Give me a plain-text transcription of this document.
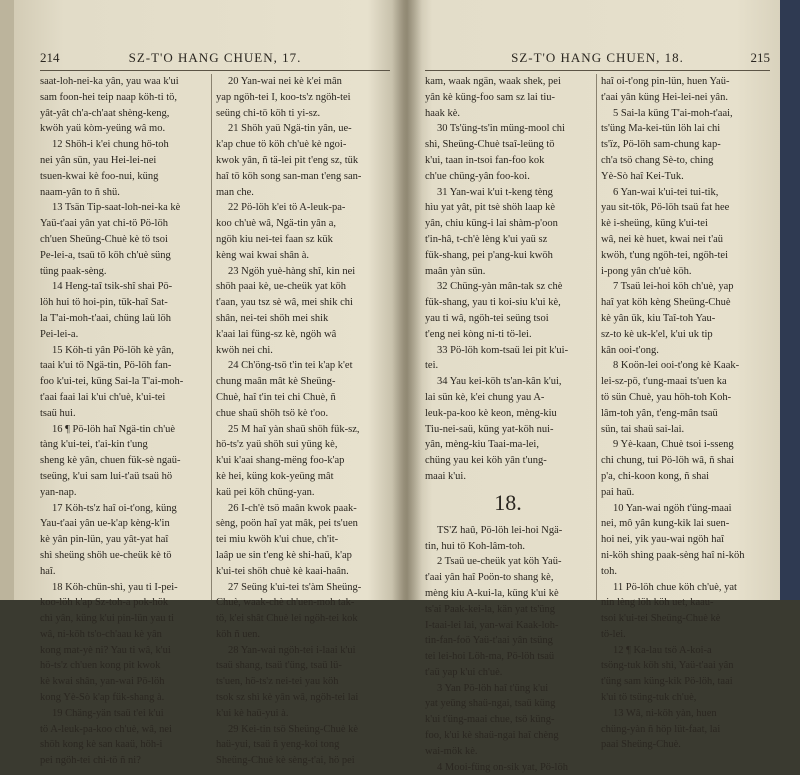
214	SZ-T'O HANG CHUEN, 17.
saat-loh-nei-ka yân, yau waa k'ui
sam foon-hei teip naap köh-ti tö,
yât-yât ch'a-ch'aat shèng-keng,
kwöh yaü kòm-yeüng wâ mo.
12 Shöh-i k'ei chung hö-toh
nei yân sün, yau Hei-lei-nei
tsuen-kwai kè foo-nui, küng
naam-yân to ñ shü.
13 Tsän Tip-saat-loh-nei-ka kè
Yaü-t'aai yân yat chi-tö Pö-löh
ch'uen Sheüng-Chuè kè tö tsoi
Pe-lei-a, tsaü tö köh ch'uè süng
tüng paak-sèng.
14 Heng-taî tsik-shî shaì Pö-
löh hui tö hoi-pin, tük-haî Sat-
la T'ai-moh-t'aai, chüng laü löh
Pei-lei-a.
15 Köh-ti yân Pö-löh kè yân,
taai k'ui tö Ngä-tin, Pö-löh fan-
foo k'ui-tei, küng Sai-la T'ai-moh-
t'aai faai lai k'ui ch'uè, k'ui-tei
tsaü hui.
16 ¶ Pö-löh haî Ngä-tin ch'uè
tàng k'ui-tei, t'ai-kin t'ung
sheng kè yân, chuen fük-sè ngaü-
tseüng, k'ui sam lui-t'aü tsaü hö
yan-nap.
17 Köh-ts'z haî oi-t'ong, küng
Yau-t'aai yân ue-k'ap kèng-k'in
kè yân pin-lün, yau yât-yat haî
shì sheüng shöh ue-cheük kè tö
haî.
18 Köh-chün-shì, yau ti I-pei-
koo-löh k'ap Sz-toh-a pok-hök
chì yân, küng k'ui pin-lün yau ti
wâ, ni-köh ts'o-ch'aau kè yân
kong mat-yè ni? Yau ti wâ, k'ui
hö-ts'z ch'uen kong pit kwok
kè kwai shân, yan-wai Pö-löh
kong Yè-Sò k'ap fük-shang à.
19 Chäng-yän tsaü t'ei k'ui
tö A-leuk-pa-koo ch'uè, wâ, nei
shöh kong kè san kaaü, höh-i
pei ngöh-tei chi-tö ñ ni?
20 Yan-wai nei kè k'ei mân
yap ngöh-tei I, koo-ts'z ngöh-tei
seüng chi-tö köh ti yi-sz.
21 Shöh yaü Ngä-tin yân, ue-
k'ap chue tö köh ch'uè kè ngoi-
kwok yân, ñ tä-lei pit t'eng sz, tük
haî tö köh song san-man t'eng san-
man che.
22 Pö-löh k'ei tö A-leuk-pa-
koo ch'uè wâ, Ngä-tin yân a,
ngöh kiu nei-tei faan sz kük
kèng wai kwai shân à.
23 Ngöh yuè-hàng shî, kin nei
shöh paai kè, ue-cheük yat köh
t'aan, yau tsz sè wâ, mei shik chi
shân, nei-tei shöh mei shik
k'aai lai füng-sz kè, ngöh wâ
kwöh nei chi.
24 Ch'öng-tsö t'in tei k'ap k'et
chung maân mât kè Sheüng-
Chuè, haî t'in tei chi Chuè, ñ
chue shaü shöh tsö kè t'oo.
25 M haî yàn shaü shöh fük-sz,
hö-ts'z yaü shöh sui yüng kè,
k'ui k'aai shang-mëng foo-k'ap
kè hei, küng kok-yeüng mât
kaü pei köh chüng-yan.
26 I-ch'è tsö maân kwok paak-
sèng, poön haî yat mâk, pei ts'uen
tei miu kwöh k'ui chue, ch'it-
laâp ue sin t'eng kè shi-haü, k'ap
k'ui-tei shöh chuè kè kaai-haân.
27 Seüng k'ui-tei ts'àm Sheüng-
Chuè, waak-chè ch'uen-moh tak-
tö, k'ei shât Chuè lei ngöh-tei kok
köh ñ uen.
28 Yan-wai ngöh-tei i-laai k'ui
tsaü shang, tsaü t'üng, tsaü lü-
ts'uen, hö-ts'z nei-tei yau köh
tsok sz shì kè yân wâ, ngöh-tei lai
k'ui kè haü-yui à.
29 Kei-tin tsö Sheüng-Chuè kè
haü-yui, tsaü ñ yeng-koi tong
Sheüng-Chuè kè sèng-t'ai, hö pei
SZ-T'O HANG CHUEN, 18.	215
kam, waak ngän, waak shek, pei
yân kè küng-foo sam sz lai tiu-
haak kè.
30 Ts'üng-ts'in müng-mool chi
shì, Sheüng-Chuè tsaî-leüng tö
k'ui, taan in-tsoi fan-foo kok
ch'ue chüng-yân foo-koi.
31 Yan-wai k'ui t-keng tèng
hìu yat yât, pit tsè shöh laap kè
yân, chiu küng-i lai shàm-p'oon
t'in-hâ, t-ch'è lèng k'ui yaü sz
fük-shang, pei p'ang-kui kwöh
maân yàn sün.
32 Chüng-yàn mân-tak sz chè
fük-shang, yau ti koi-siu k'ui kè,
yau ti wâ, ngöh-tei seüng tsoi
t'eng nei kòng ni-ti tö-lei.
33 Pö-löh kom-tsaü lei pit k'ui-
tei.
34 Yau kei-köh ts'an-kân k'ui,
lai sün kè, k'ei chung yau A-
leuk-pa-koo kè keon, mèng-kiu
Tiu-nei-saü, küng yat-köh nui-
yân, mèng-kiu Taai-ma-lei,
chüng yau kei köh yân t'ung-
maai k'ui.
18.
TS'Z haû, Pö-löh lei-hoi Ngä-
tin, hui tö Koh-lâm-toh.
2 Tsaü ue-cheük yat köh Yaü-
t'aai yân haî Poön-to shang kè,
mèng kiu A-kui-la, küng k'ui kè
ts'ai Paak-kei-la, kän yat ts'üng
I-taai-lei lai, yan-wai Kaak-loh-
tin-fan-foö Yaü-t'aai yân tsüng
tei lei-hoi Löh-ma, Pö-löh tsaü
t'aü yap k'ui ch'uè.
3 Yan Pö-löh haî t'üng k'ui
yat yeüng shaü-ngai, tsaü küng
k'ui t'üng-maai chue, tsö küng-
foo, k'ui kè shaü-ngai haî chèng
wai-mök kè.
4 Mooi-füng on-sik yat, Pö-löh
haî oi-t'ong pin-lün, huen Yaü-
t'aai yân küng Hei-lei-nei yân.
5 Sai-la küng T'ai-moh-t'aai,
ts'üng Ma-kei-tün löh lai chi
ts'ïz, Pö-löh sam-chung kap-
ch'a tsö chang Sè-to, ching
Yè-Sò haî Kei-Tuk.
6 Yan-wai k'ui-tei tui-tik,
yau sit-tök, Pö-löh tsaü fat hee
kè i-sheüng, küng k'ui-tei
wâ, nei kè huet, kwai nei t'aü
kwöh, t'ung ngöh-tei, ngöh-tei
i-pong yân ch'uè köh.
7 Tsaü lei-hoi köh ch'uè, yap
haî yat köh kèng Sheüng-Chuè
kè yân ük, kiu Taî-toh Yau-
sz-to kè uk-k'el, k'ui uk tip
kân ooi-t'ong.
8 Koön-lei ooi-t'ong kè Kaak-
lei-sz-pö, t'ung-maai ts'uen ka
tö sün Chuè, yau höh-toh Koh-
lâm-toh yân, t'eng-mân tsaü
sün, tai shaü sai-lai.
9 Yè-kaan, Chuè tsoi i-sseng
chi chung, tui Pö-löh wâ, ñ shai
p'a, chi-koon kong, ñ shai
pai haü.
10 Yan-wai ngöh t'üng-maai
nei, mô yân kung-kik lai suen-
hoi nei, yik yau-wai ngöh haî
ni-köh shìng paak-sèng haî ni-köh
toh.
11 Pö-löh chue köh ch'uè, yat
nin lèng löh köh uet, kaau-
tsoi k'ui-tei Sheüng-Chuè kè
tö-lei.
12 ¶ Ka-lau tsö A-koi-a
tsöng-tuk köh shì, Yaü-t'aai yân
t'üng sam küng-kik Pö-löh, taai
k'ui tö tsüng-tuk ch'uè,
13 Wâ, ni-köh yàn, huen
chüng-yàn ñ höp lüt-faat, lai
paai Sheüng-Chuè.
